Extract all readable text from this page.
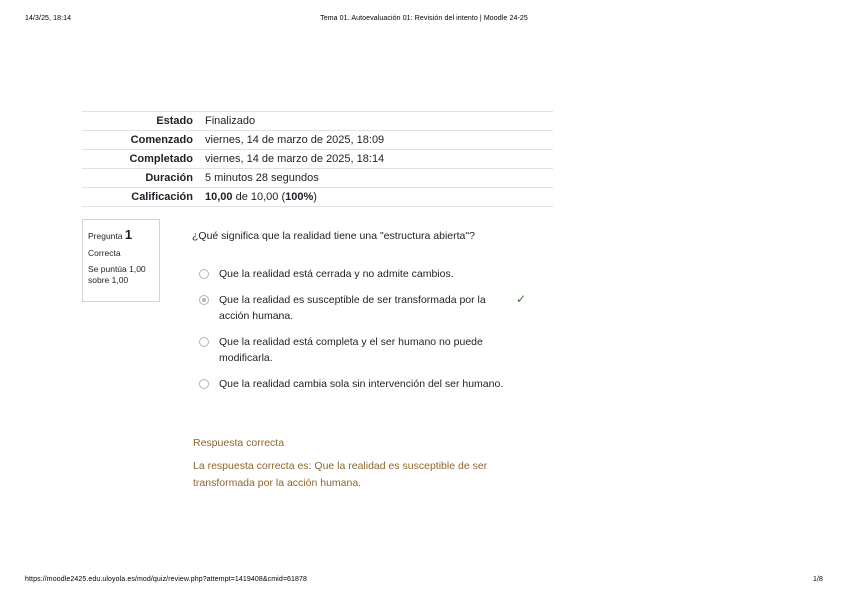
14/3/25, 18:14	Tema 01. Autoevaluación 01: Revisión del intento | Moodle 24-25
Estado	Finalizado
Comenzado	viernes, 14 de marzo de 2025, 18:09
Completado	viernes, 14 de marzo de 2025, 18:14
Duración	5 minutos 28 segundos
Calificación	10,00 de 10,00 (100%)
Pregunta 1
Correcta
Se puntúa 1,00 sobre 1,00
¿Qué significa que la realidad tiene una "estructura abierta"?
Que la realidad está cerrada y no admite cambios.
Que la realidad es susceptible de ser transformada por la acción humana.
✓
Que la realidad está completa y el ser humano no puede modificarla.
Que la realidad cambia sola sin intervención del ser humano.
Respuesta correcta
La respuesta correcta es: Que la realidad es susceptible de ser transformada por la acción humana.
https://moodle2425.edu.uloyola.es/mod/quiz/review.php?attempt=1419408&cmid=61878	1/8
